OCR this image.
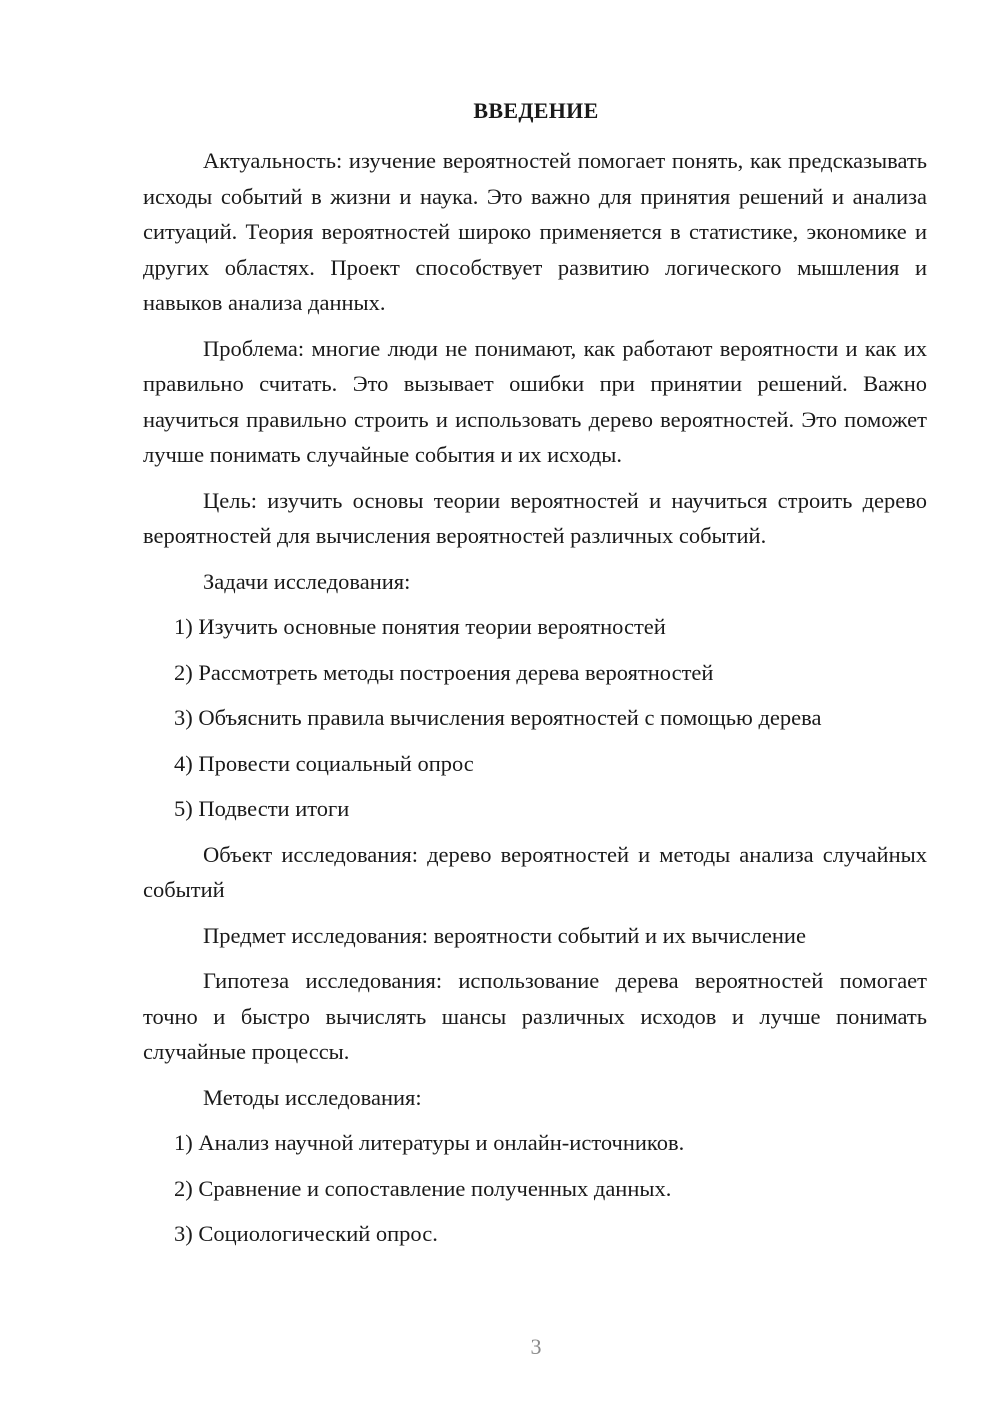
ВВЕДЕНИЕ

Актуальность: изучение вероятностей помогает понять, как предсказывать исходы событий в жизни и наука. Это важно для принятия решений и анализа ситуаций. Теория вероятностей широко применяется в статистике, экономике и других областях. Проект способствует развитию логического мышления и навыков анализа данных.

Проблема: многие люди не понимают, как работают вероятности и как их правильно считать. Это вызывает ошибки при принятии решений. Важно научиться правильно строить и использовать дерево вероятностей. Это поможет лучше понимать случайные события и их исходы.

Цель: изучить основы теории вероятностей и научиться строить дерево вероятностей для вычисления вероятностей различных событий.

Задачи исследования:

1) Изучить основные понятия теории вероятностей

2) Рассмотреть методы построения дерева вероятностей

3) Объяснить правила вычисления вероятностей с помощью дерева

4) Провести социальный опрос

5) Подвести итоги

Объект исследования: дерево вероятностей и методы анализа случайных событий

Предмет исследования: вероятности событий и их вычисление

Гипотеза исследования: использование дерева вероятностей помогает точно и быстро вычислять шансы различных исходов и лучше понимать случайные процессы.

Методы исследования:

1) Анализ научной литературы и онлайн-источников.

2) Сравнение и сопоставление полученных данных.

3) Социологический опрос.

3
